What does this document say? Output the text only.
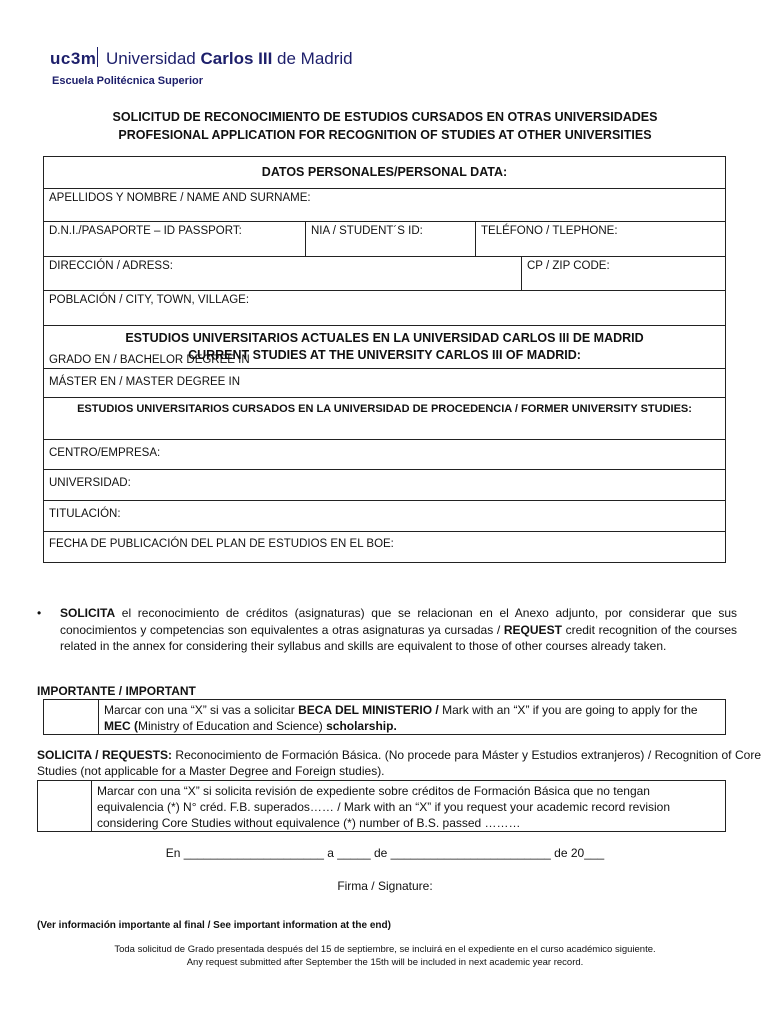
uc3m Universidad Carlos III de Madrid
Escuela Politécnica Superior
SOLICITUD DE RECONOCIMIENTO DE ESTUDIOS CURSADOS EN OTRAS UNIVERSIDADES
PROFESIONAL APPLICATION FOR RECOGNITION OF STUDIES AT OTHER UNIVERSITIES
DATOS PERSONALES/PERSONAL DATA:
APELLIDOS Y NOMBRE / NAME AND SURNAME:
D.N.I./PASAPORTE – ID PASSPORT:	NIA / STUDENT´S ID:	TELÉFONO / TLEPHONE:
DIRECCIÓN / ADRESS:	CP / ZIP CODE:
POBLACIÓN / CITY, TOWN, VILLAGE:
ESTUDIOS UNIVERSITARIOS ACTUALES EN LA UNIVERSIDAD CARLOS III DE MADRID
CURRENT STUDIES AT THE UNIVERSITY CARLOS III OF MADRID:
GRADO EN / BACHELOR DEGREE IN
MÁSTER EN / MASTER DEGREE IN
ESTUDIOS UNIVERSITARIOS CURSADOS EN LA UNIVERSIDAD DE PROCEDENCIA / FORMER UNIVERSITY STUDIES:
CENTRO/EMPRESA:
UNIVERSIDAD:
TITULACIÓN:
FECHA DE PUBLICACIÓN DEL PLAN DE ESTUDIOS EN EL BOE:
• SOLICITA el reconocimiento de créditos (asignaturas) que se relacionan en el Anexo adjunto, por considerar que sus conocimientos y competencias son equivalentes a otras asignaturas ya cursadas / REQUEST credit recognition of the courses related in the annex for considering their syllabus and skills are equivalent to those of other courses already taken.
IMPORTANTE / IMPORTANT
Marcar con una “X” si vas a solicitar BECA DEL MINISTERIO / Mark with an “X” if you are going to apply for the MEC (Ministry of Education and Science) scholarship.
SOLICITA / REQUESTS: Reconocimiento de Formación Básica. (No procede para Máster y Estudios extranjeros) / Recognition of Core Studies (not applicable for a Master Degree and Foreign studies).
Marcar con una “X” si solicita revisión de expediente sobre créditos de Formación Básica que no tengan equivalencia (*) N° créd. F.B. superados…… / Mark with an “X” if you request your academic record revision considering Core Studies without equivalence (*) number of B.S. passed ………
En _____________________ a _____ de ________________________ de 20___
Firma / Signature:
(Ver información importante al final / See important information at the end)
Toda solicitud de Grado presentada después del 15 de septiembre, se incluirá en el expediente en el curso académico siguiente.
Any request submitted after September the 15th will be included in next academic year record.
